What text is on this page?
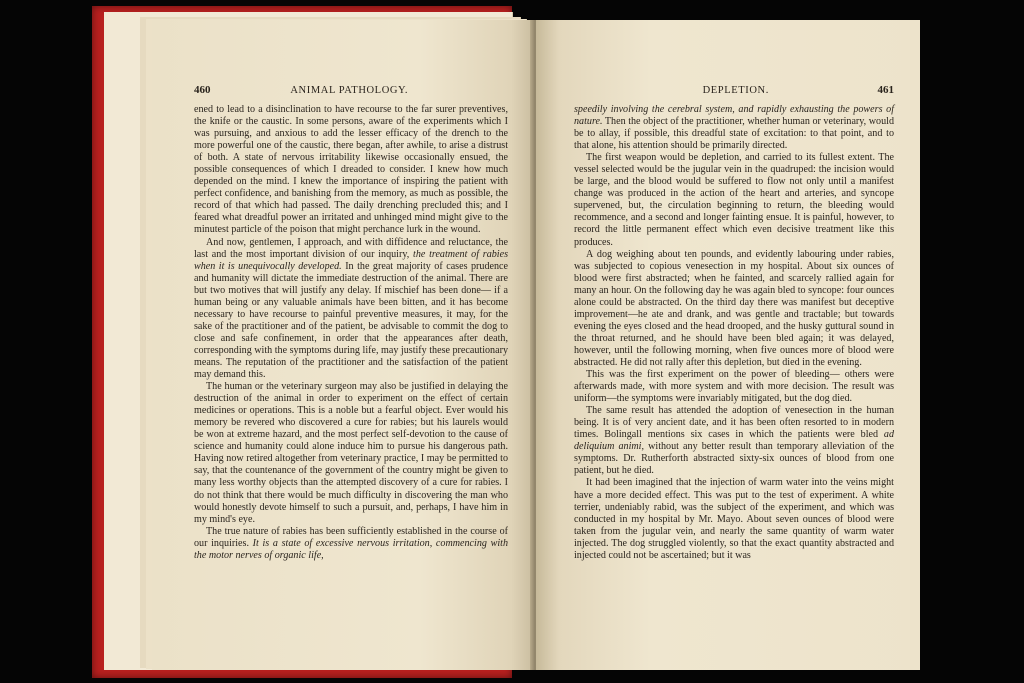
460	ANIMAL PATHOLOGY.

ened to lead to a disinclination to have recourse to the far surer preventives, the knife or the caustic. In some persons, aware of the experiments which I was pursuing, and anxious to add the lesser efficacy of the drench to the more powerful one of the caustic, there began, after awhile, to arise a distrust of both. A state of nervous irritability likewise occasionally ensued, the possible consequences of which I dreaded to consider. I knew how much depended on the mind. I knew the importance of inspiring the patient with perfect confidence, and banishing from the memory, as much as possible, the record of that which had passed. The daily drenching precluded this; and I feared what dreadful power an irritated and unhinged mind might give to the minutest particle of the poison that might perchance lurk in the wound.

And now, gentlemen, I approach, and with diffidence and reluctance, the last and the most important division of our inquiry, the treatment of rabies when it is unequivocally developed. In the great majority of cases prudence and humanity will dictate the immediate destruction of the animal. There are but two motives that will justify any delay. If mischief has been done— if a human being or any valuable animals have been bitten, and it has become necessary to have recourse to painful preventive measures, it may, for the sake of the practitioner and of the patient, be advisable to commit the dog to close and safe confinement, in order that the appearances after death, corresponding with the symptoms during life, may justify these precautionary means. The reputation of the practitioner and the satisfaction of the patient may demand this.

The human or the veterinary surgeon may also be justified in delaying the destruction of the animal in order to experiment on the effect of certain medicines or operations. This is a noble but a fearful object. Ever would his memory be revered who discovered a cure for rabies; but his laurels would be won at extreme hazard, and the most perfect self-devotion to the cause of science and humanity could alone induce him to pursue his dangerous path. Having now retired altogether from veterinary practice, I may be permitted to say, that the countenance of the government of the country might be given to many less worthy objects than the attempted discovery of a cure for rabies. I do not think that there would be much difficulty in discovering the man who would honestly devote himself to such a pursuit, and, perhaps, I have him in my mind's eye.

The true nature of rabies has been sufficiently established in the course of our inquiries. It is a state of excessive nervous irritation, commencing with the motor nerves of organic life,

DEPLETION.	461

speedily involving the cerebral system, and rapidly exhausting the powers of nature. Then the object of the practitioner, whether human or veterinary, would be to allay, if possible, this dreadful state of excitation: to that point, and to that alone, his attention should be primarily directed.

The first weapon would be depletion, and carried to its fullest extent. The vessel selected would be the jugular vein in the quadruped: the incision would be large, and the blood would be suffered to flow not only until a manifest change was produced in the action of the heart and arteries, and syncope supervened, but, the circulation beginning to return, the bleeding would recommence, and a second and longer fainting ensue. It is painful, however, to record the little permanent effect which even decisive treatment like this produces.

A dog weighing about ten pounds, and evidently labouring under rabies, was subjected to copious venesection in my hospital. About six ounces of blood were first abstracted; when he fainted, and scarcely rallied again for many an hour. On the following day he was again bled to syncope: four ounces alone could be abstracted. On the third day there was manifest but deceptive improvement—he ate and drank, and was gentle and tractable; but towards evening the eyes closed and the head drooped, and the husky guttural sound in the throat returned, and he should have been bled again; it was delayed, however, until the following morning, when five ounces more of blood were abstracted. He did not rally after this depletion, but died in the evening.

This was the first experiment on the power of bleeding— others were afterwards made, with more system and with more decision. The result was uniform—the symptoms were invariably mitigated, but the dog died.

The same result has attended the adoption of venesection in the human being. It is of very ancient date, and it has been often resorted to in modern times. Bolingall mentions six cases in which the patients were bled ad deliquium animi, without any better result than temporary alleviation of the symptoms. Dr. Rutherforth abstracted sixty-six ounces of blood from one patient, but he died.

It had been imagined that the injection of warm water into the veins might have a more decided effect. This was put to the test of experiment. A white terrier, undeniably rabid, was the subject of the experiment, and which was conducted in my hospital by Mr. Mayo. About seven ounces of blood were taken from the jugular vein, and nearly the same quantity of warm water injected. The dog struggled violently, so that the exact quantity abstracted and injected could not be ascertained; but it was
